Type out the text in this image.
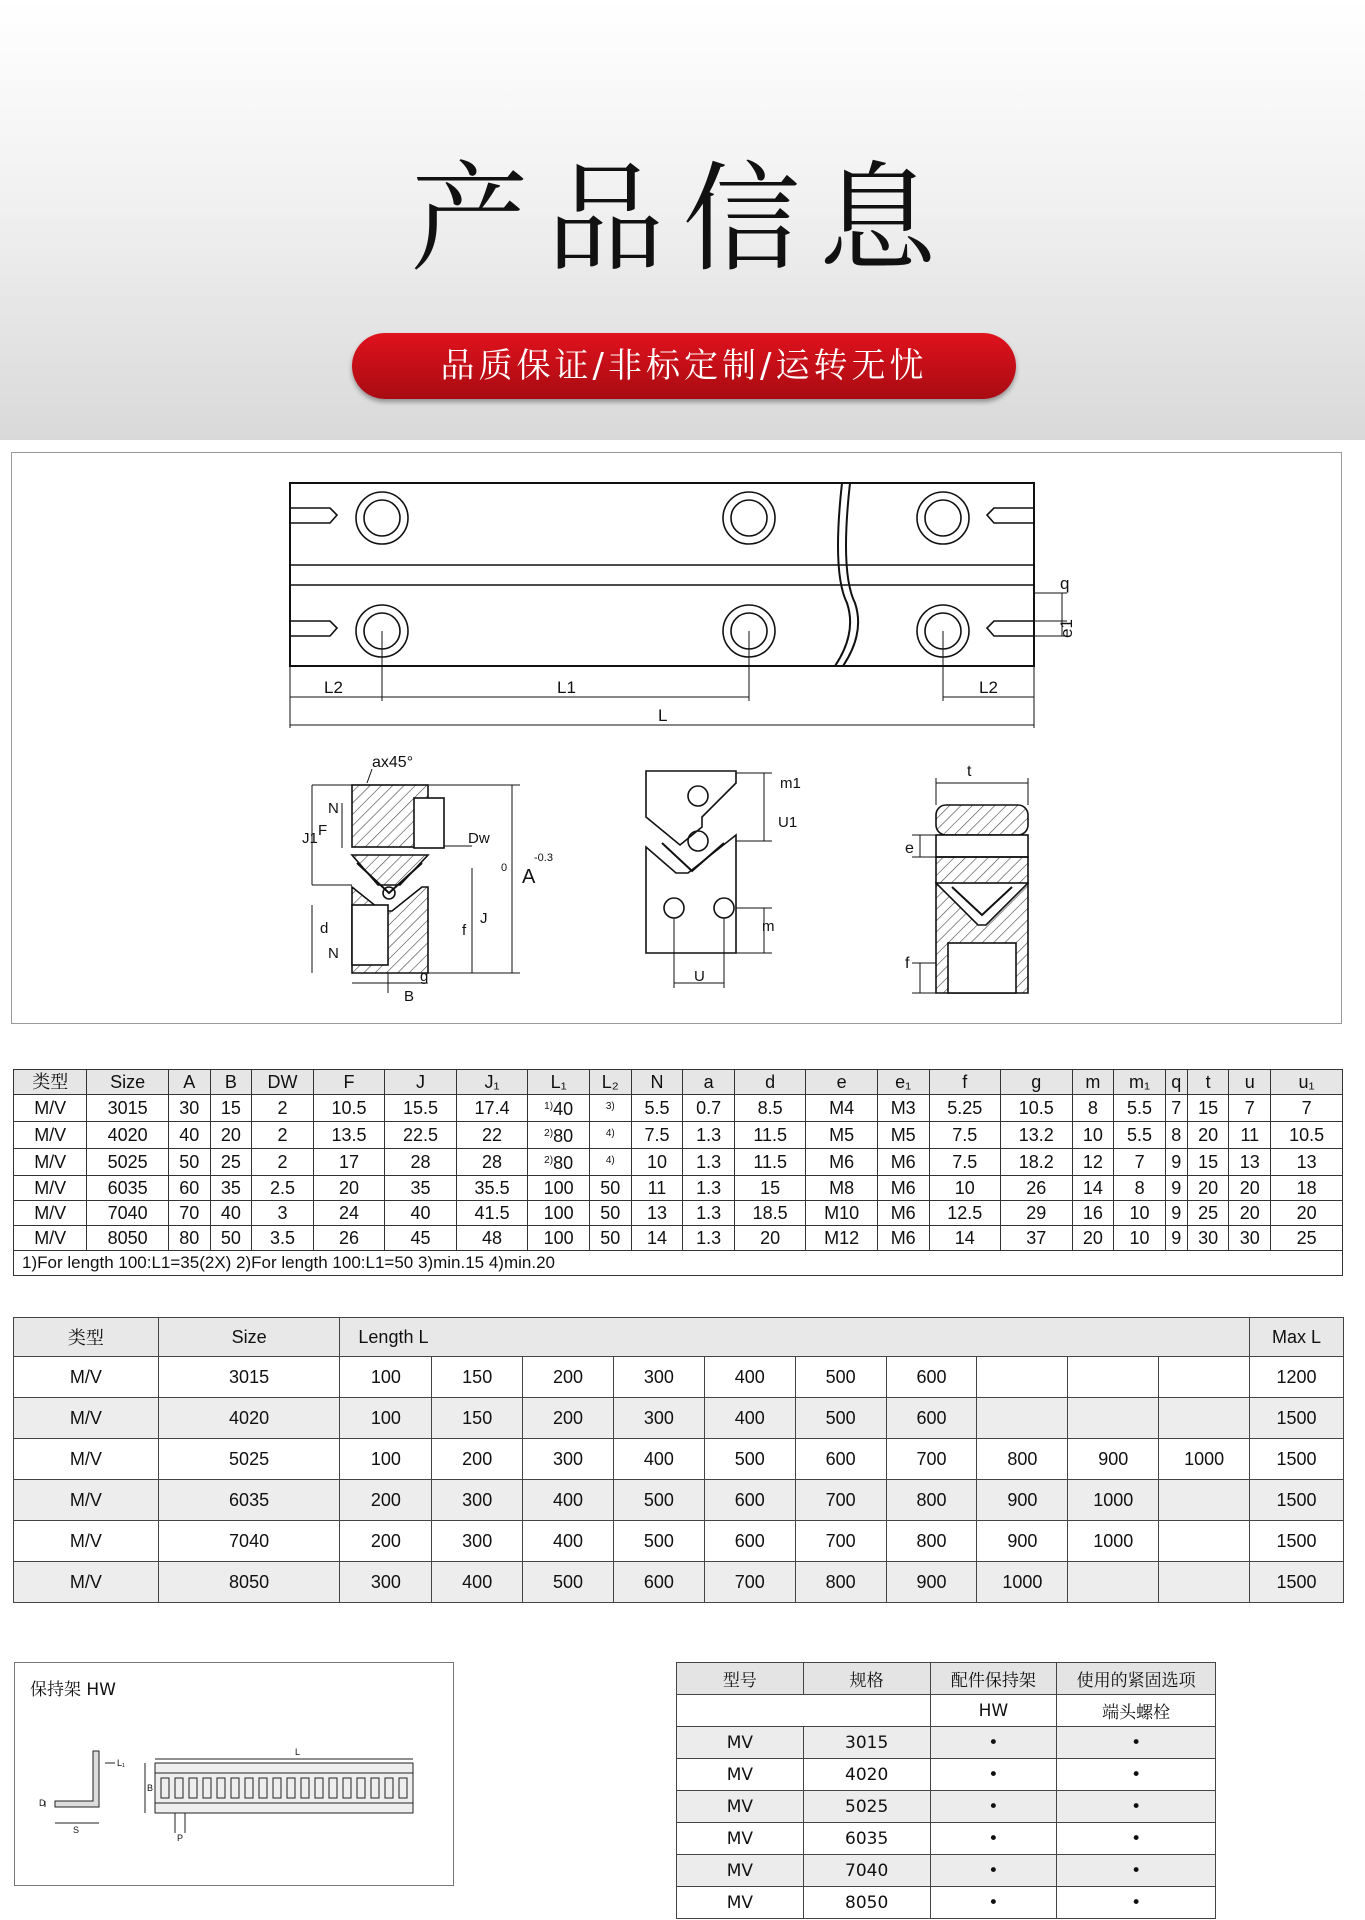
产品信息
品质保证/非标定制/运转无忧
q
e1
L2	L1	L2
L
ax45°
N
F
J1	Dw
A
0
-0.3
J
d	f
N
g
B
m1
U1
m
U
t
e
f
类型	Size	A	B	DW	F	J	J₁	L₁	L₂	N	a	d	e	e₁	f	g	m	m₁	q	t	u	u₁
M/V	3015	30	15	2	10.5	15.5	17.4	$^{1)}$40	$^{3)}$	5.5	0.7	8.5	M4	M3	5.25	10.5	8	5.5	7	15	7	7
M/V	4020	40	20	2	13.5	22.5	22	$^{2)}$80	$^{4)}$	7.5	1.3	11.5	M5	M5	7.5	13.2	10	5.5	8	20	11	10.5
M/V	5025	50	25	2	17	28	28	$^{2)}$80	$^{4)}$	10	1.3	11.5	M6	M6	7.5	18.2	12	7	9	15	13	13
M/V	6035	60	35	2.5	20	35	35.5	100	50	11	1.3	15	M8	M6	10	26	14	8	9	20	20	18
M/V	7040	70	40	3	24	40	41.5	100	50	13	1.3	18.5	M10	M6	12.5	29	16	10	9	25	20	20
M/V	8050	80	50	3.5	26	45	48	100	50	14	1.3	20	M12	M6	14	37	20	10	9	30	30	25
1)For length 100:L1=35(2X) 2)For length 100:L1=50 3)min.15 4)min.20																						
类型	Size	Length L										Max L
M/V	3015	100	150	200	300	400	500	600				1200
M/V	4020	100	150	200	300	400	500	600				1500
M/V	5025	100	200	300	400	500	600	700	800	900	1000	1500
M/V	6035	200	300	400	500	600	700	800	900	1000		1500
M/V	7040	200	300	400	500	600	700	800	900	1000		1500
M/V	8050	300	400	500	600	700	800	900	1000			1500
保持架 HW
L
L₁
B
D
S
P
型号	规格	配件保持架	使用的紧固选项
		HW	端头螺栓
MV	3015	•	•
MV	4020	•	•
MV	5025	•	•
MV	6035	•	•
MV	7040	•	•
MV	8050	•	•
